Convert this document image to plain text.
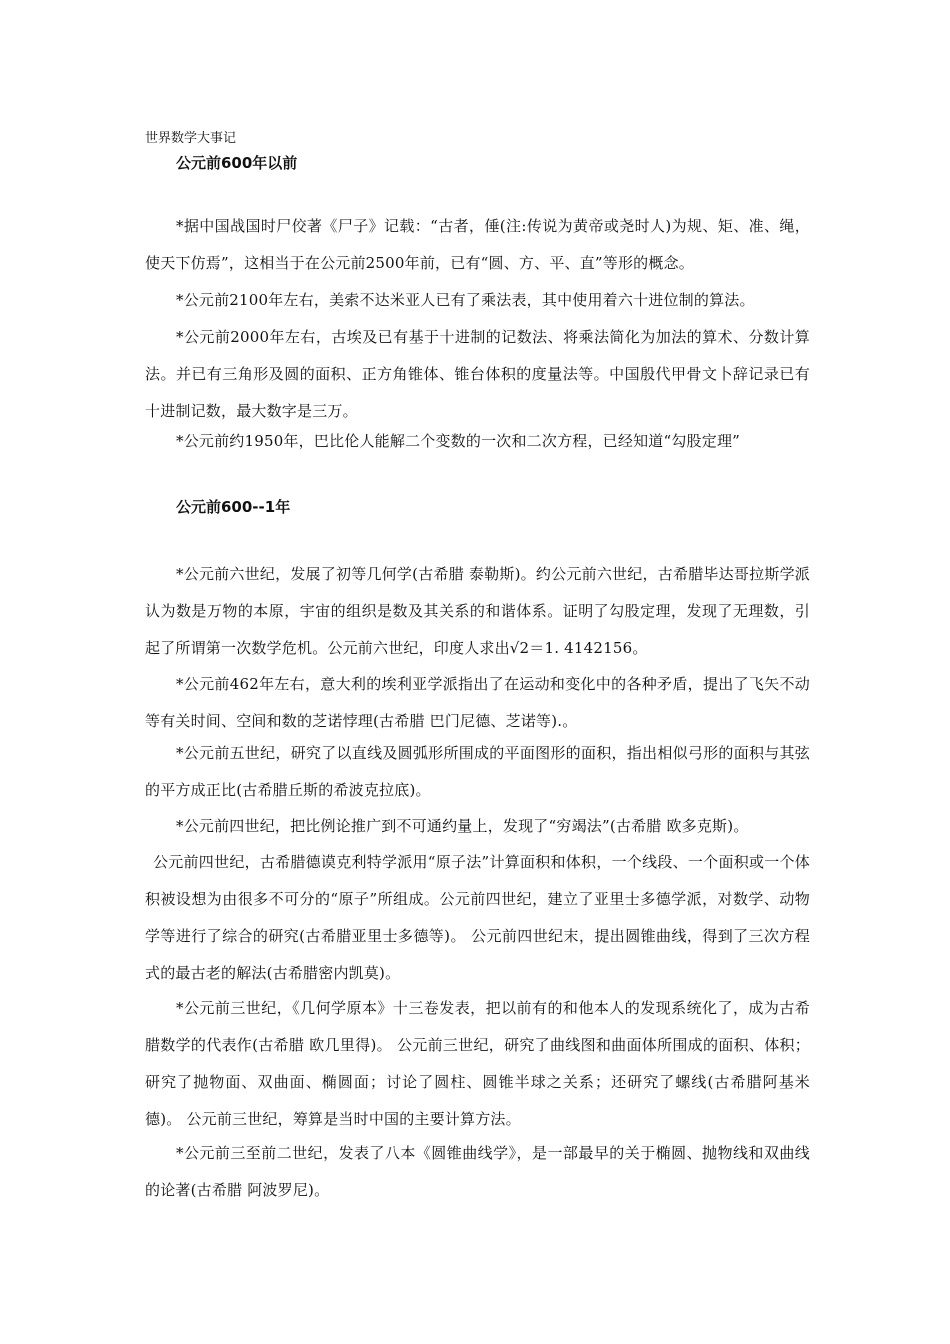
世界数学大事记
公元前600年以前

*据中国战国时尸佼著《尸子》记载：“古者，倕(注:传说为黄帝或尧时人)为规、矩、准、绳，使天下仿焉”，这相当于在公元前2500年前，已有“圆、方、平、直”等形的概念。

*公元前2100年左右，美索不达米亚人已有了乘法表，其中使用着六十进位制的算法。

*公元前2000年左右，古埃及已有基于十进制的记数法、将乘法简化为加法的算术、分数计算法。并已有三角形及圆的面积、正方角锥体、锥台体积的度量法等。中国殷代甲骨文卜辞记录已有十进制记数，最大数字是三万。

*公元前约1950年，巴比伦人能解二个变数的一次和二次方程，已经知道“勾股定理”

公元前600--1年

*公元前六世纪，发展了初等几何学(古希腊 泰勒斯)。约公元前六世纪，古希腊毕达哥拉斯学派认为数是万物的本原，宇宙的组织是数及其关系的和谐体系。证明了勾股定理，发现了无理数，引起了所谓第一次数学危机。公元前六世纪，印度人求出√2＝1. 4142156。

*公元前462年左右，意大利的埃利亚学派指出了在运动和变化中的各种矛盾，提出了飞矢不动等有关时间、空间和数的芝诺悖理(古希腊 巴门尼德、芝诺等).。

*公元前五世纪，研究了以直线及圆弧形所围成的平面图形的面积，指出相似弓形的面积与其弦的平方成正比(古希腊丘斯的希波克拉底)。

*公元前四世纪，把比例论推广到不可通约量上，发现了“穷竭法”(古希腊 欧多克斯)。

公元前四世纪，古希腊德谟克利特学派用“原子法”计算面积和体积，一个线段、一个面积或一个体积被设想为由很多不可分的“原子”所组成。公元前四世纪，建立了亚里士多德学派，对数学、动物学等进行了综合的研究(古希腊亚里士多德等)。 公元前四世纪末，提出圆锥曲线，得到了三次方程式的最古老的解法(古希腊密内凯莫)。

*公元前三世纪，《几何学原本》十三卷发表，把以前有的和他本人的发现系统化了，成为古希腊数学的代表作(古希腊 欧几里得)。 公元前三世纪，研究了曲线图和曲面体所围成的面积、体积；研究了抛物面、双曲面、椭圆面；讨论了圆柱、圆锥半球之关系；还研究了螺线(古希腊阿基米德)。 公元前三世纪，筹算是当时中国的主要计算方法。

*公元前三至前二世纪，发表了八本《圆锥曲线学》，是一部最早的关于椭圆、抛物线和双曲线的论著(古希腊 阿波罗尼)。
